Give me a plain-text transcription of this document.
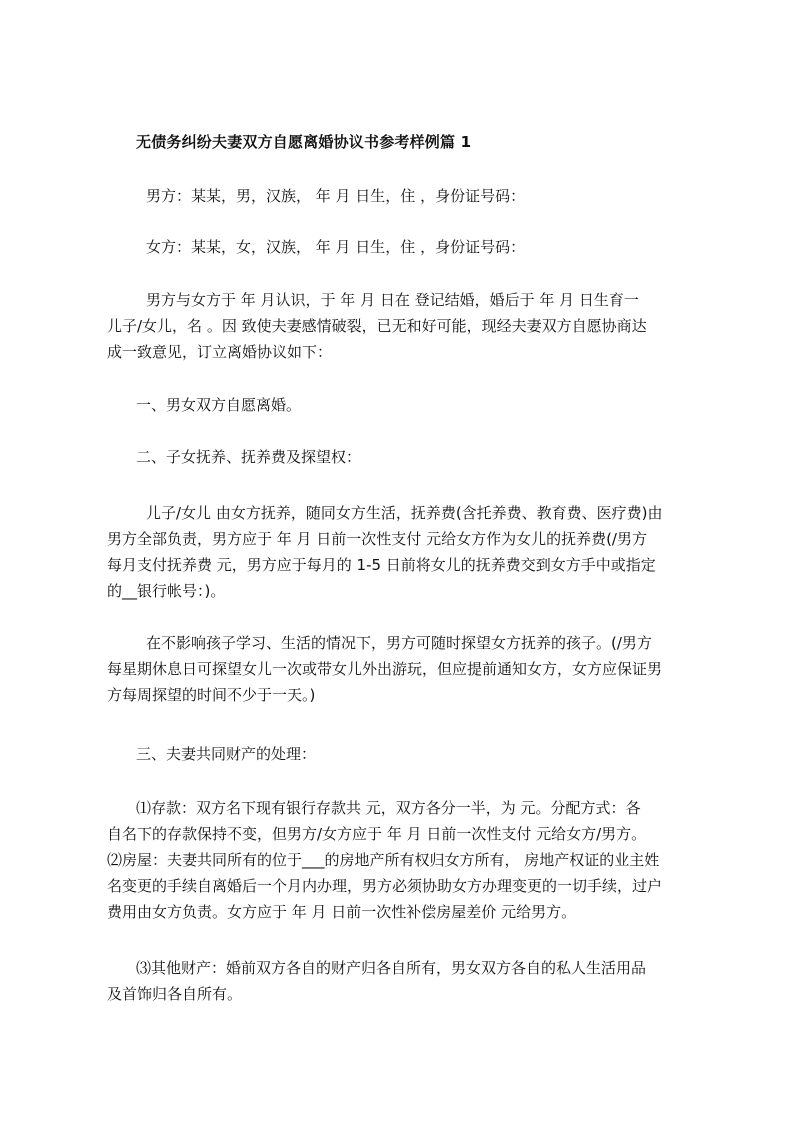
无债务纠纷夫妻双方自愿离婚协议书参考样例篇 1
男方：某某，男，汉族， 年 月 日生，住 ，身份证号码：
女方：某某，女，汉族， 年 月 日生，住 ，身份证号码：
男方与女方于 年 月认识，于 年 月 日在 登记结婚，婚后于 年 月 日生育一
儿子/女儿，名 。因 致使夫妻感情破裂，已无和好可能，现经夫妻双方自愿协商达
成一致意见，订立离婚协议如下：
一、男女双方自愿离婚。
二、子女抚养、抚养费及探望权：
儿子/女儿 由女方抚养，随同女方生活，抚养费(含托养费、教育费、医疗费)由
男方全部负责，男方应于 年 月 日前一次性支付 元给女方作为女儿的抚养费(/男方
每月支付抚养费 元，男方应于每月的 1-5 日前将女儿的抚养费交到女方手中或指定
的__银行帐号：)。
在不影响孩子学习、生活的情况下，男方可随时探望女方抚养的孩子。(/男方
每星期休息日可探望女儿一次或带女儿外出游玩，但应提前通知女方，女方应保证男
方每周探望的时间不少于一天。)
三、夫妻共同财产的处理：
⑴存款：双方名下现有银行存款共 元，双方各分一半，为 元。分配方式：各
自名下的存款保持不变，但男方/女方应于 年 月 日前一次性支付 元给女方/男方。
⑵房屋：夫妻共同所有的位于___的房地产所有权归女方所有， 房地产权证的业主姓
名变更的手续自离婚后一个月内办理，男方必须协助女方办理变更的一切手续，过户
费用由女方负责。女方应于 年 月 日前一次性补偿房屋差价 元给男方。
⑶其他财产：婚前双方各自的财产归各自所有，男女双方各自的私人生活用品
及首饰归各自所有。
